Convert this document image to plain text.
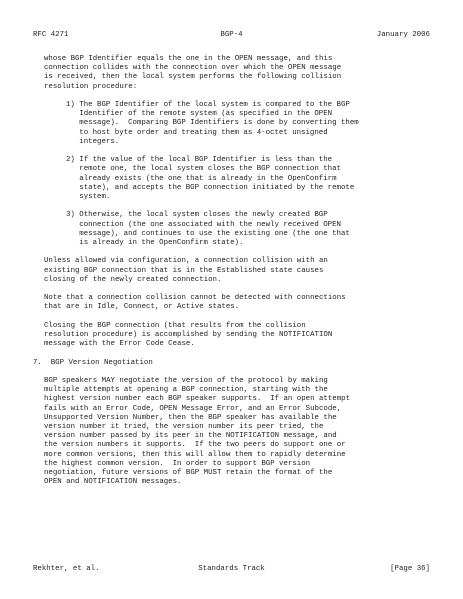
RFC 4271	BGP-4	January 2006
whose BGP Identifier equals the one in the OPEN message, and this
connection collides with the connection over which the OPEN message
is received, then the local system performs the following collision
resolution procedure:
1) The BGP Identifier of the local system is compared to the BGP
Identifier of the remote system (as specified in the OPEN
message).  Comparing BGP Identifiers is done by converting them
to host byte order and treating them as 4-octet unsigned
integers.
2) If the value of the local BGP Identifier is less than the
remote one, the local system closes the BGP connection that
already exists (the one that is already in the OpenConfirm
state), and accepts the BGP connection initiated by the remote
system.
3) Otherwise, the local system closes the newly created BGP
connection (the one associated with the newly received OPEN
message), and continues to use the existing one (the one that
is already in the OpenConfirm state).
Unless allowed via configuration, a connection collision with an
existing BGP connection that is in the Established state causes
closing of the newly created connection.
Note that a connection collision cannot be detected with connections
that are in Idle, Connect, or Active states.
Closing the BGP connection (that results from the collision
resolution procedure) is accomplished by sending the NOTIFICATION
message with the Error Code Cease.
7.  BGP Version Negotiation
BGP speakers MAY negotiate the version of the protocol by making
multiple attempts at opening a BGP connection, starting with the
highest version number each BGP speaker supports.  If an open attempt
fails with an Error Code, OPEN Message Error, and an Error Subcode,
Unsupported Version Number, then the BGP speaker has available the
version number it tried, the version number its peer tried, the
version number passed by its peer in the NOTIFICATION message, and
the version numbers it supports.  If the two peers do support one or
more common versions, then this will allow them to rapidly determine
the highest common version.  In order to support BGP version
negotiation, future versions of BGP MUST retain the format of the
OPEN and NOTIFICATION messages.
Rekhter, et al.	Standards Track	[Page 36]
